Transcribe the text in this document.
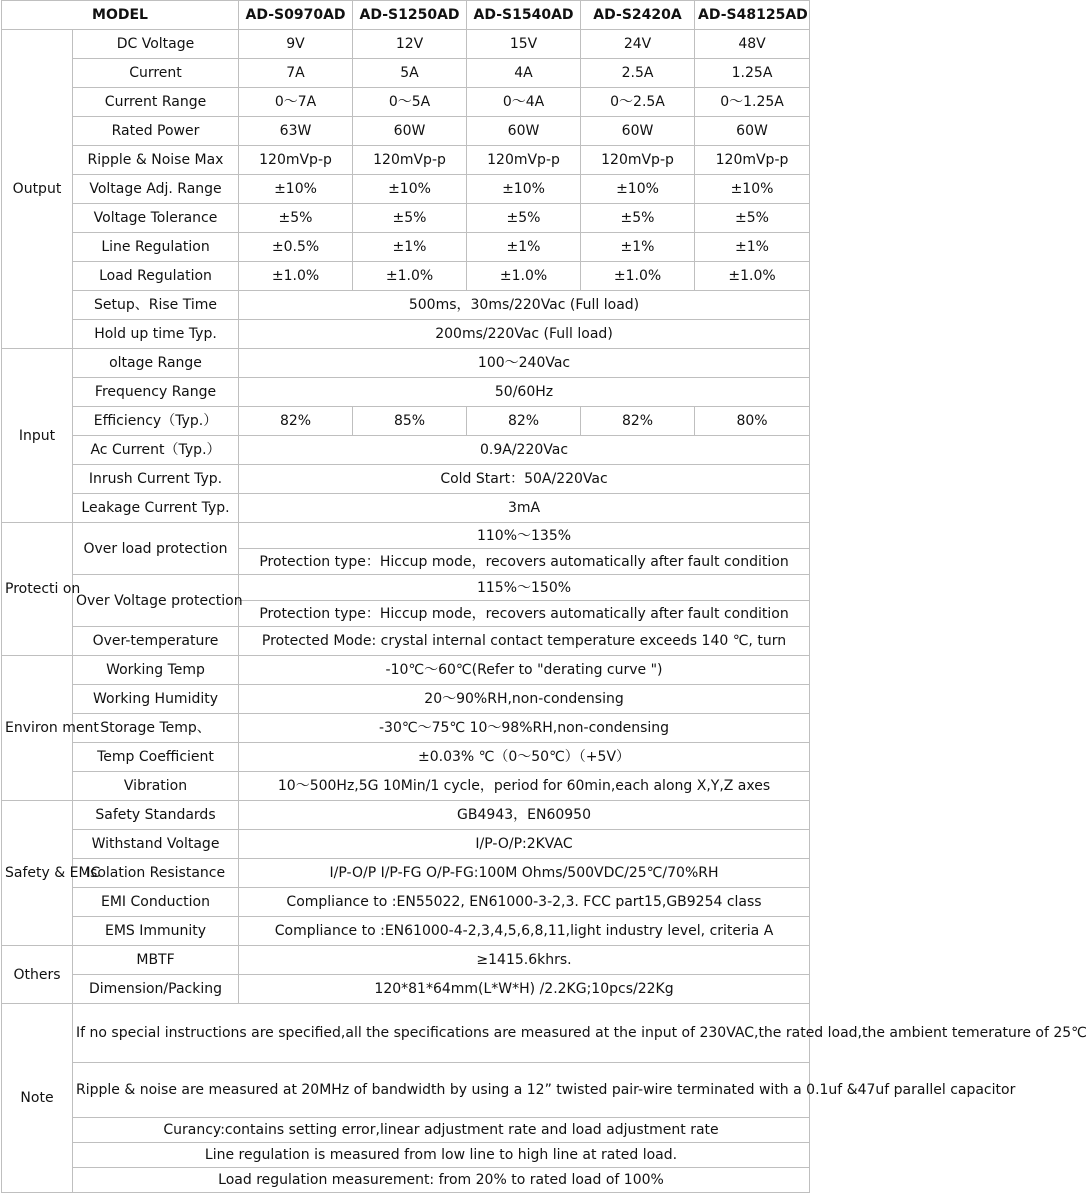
MODEL		AD-S0970AD	AD-S1250AD	AD-S1540AD	AD-S2420A	AD-S48125AD
Output	DC Voltage	9V	12V	15V	24V	48V
	Current	7A	5A	4A	2.5A	1.25A
	Current Range	0～7A	0～5A	0～4A	0～2.5A	0～1.25A
	Rated Power	63W	60W	60W	60W	60W
	Ripple & Noise Max	120mVp-p	120mVp-p	120mVp-p	120mVp-p	120mVp-p
	Voltage Adj. Range	±10%	±10%	±10%	±10%	±10%
	Voltage Tolerance	±5%	±5%	±5%	±5%	±5%
	Line Regulation	±0.5%	±1%	±1%	±1%	±1%
	Load Regulation	±1.0%	±1.0%	±1.0%	±1.0%	±1.0%
	Setup、Rise Time	500ms，30ms/220Vac (Full load)				
	Hold up time Typ.	200ms/220Vac (Full load)				
Input	oltage Range	100～240Vac				
	Frequency Range	50/60Hz				
	Efficiency（Typ.）	82%	85%	82%	82%	80%
	Ac Current（Typ.）	0.9A/220Vac				
	Inrush Current Typ.	Cold Start：50A/220Vac				
	Leakage Current Typ.	3mA				
Protecti on	Over load protection	110%～135%				
		Protection type：Hiccup mode，recovers automatically after fault condition				
	Over Voltage protection	115%～150%				
		Protection type：Hiccup mode，recovers automatically after fault condition				
	Over-temperature	Protected Mode: crystal internal contact temperature exceeds 140 ℃, turn				
Environ ment	Working Temp	-10℃～60℃(Refer to "derating curve ")				
	Working Humidity	20～90%RH,non-condensing				
	Storage Temp、	-30℃～75℃ 10～98%RH,non-condensing				
	Temp Coefficient	±0.03% ℃（0～50℃）（+5V）				
	Vibration	10～500Hz,5G 10Min/1 cycle，period for 60min,each along X,Y,Z axes				
Safety & EMC	Safety Standards	GB4943，EN60950				
	Withstand Voltage	I/P-O/P:2KVAC				
	Isolation Resistance	I/P-O/P I/P-FG O/P-FG:100M Ohms/500VDC/25℃/70%RH				
	EMI Conduction	Compliance to :EN55022, EN61000-3-2,3. FCC part15,GB9254 class				
	EMS Immunity	Compliance to :EN61000-4-2,3,4,5,6,8,11,light industry level, criteria A				
Others	MBTF	≥1415.6khrs.				
	Dimension/Packing	120*81*64mm(L*W*H) /2.2KG;10pcs/22Kg				
Note	If no special instructions are specified,all the specifications are measured at the input of 230VAC,the rated load,the ambient temerature of 25℃					
	Ripple & noise are measured at 20MHz of bandwidth by using a 12” twisted pair-wire terminated with a 0.1uf &47uf parallel capacitor					
	Curancy:contains setting error,linear adjustment rate and load adjustment rate					
	Line regulation is measured from low line to high line at rated load.					
	Load regulation measurement: from 20% to rated load of 100%					
